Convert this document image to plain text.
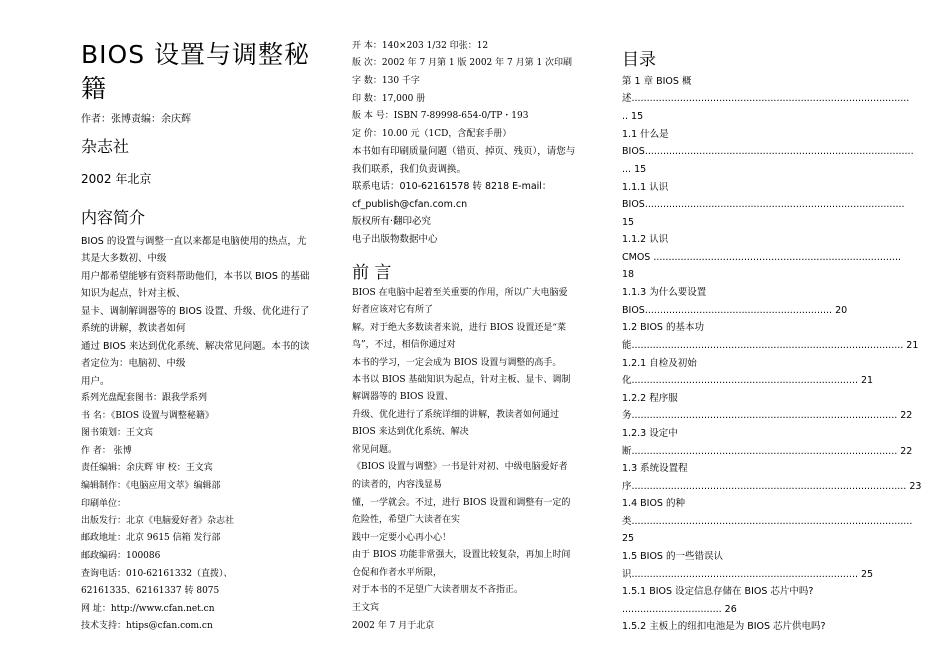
BIOS 设置与调整秘籍
作者：张博责编：余庆辉
杂志社
2002 年北京
内容简介
BIOS 的设置与调整一直以来都是电脑使用的热点，尤
其是大多数初、中级
用户都希望能够有资料帮助他们，本书以 BIOS 的基础
知识为起点，针对主板、
显卡、调制解调器等的 BIOS 设置、升级、优化进行了
系统的讲解，教读者如何
通过 BIOS 来达到优化系统、解决常见问题。本书的读
者定位为：电脑初、中级
用户。
系列光盘配套图书：跟我学系列
书 名：《BIOS 设置与调整秘籍》
图书策划：王文宾
作 者： 张博
责任编辑：余庆辉 审 校：王文宾
编辑制作：《电脑应用文萃》编辑部
印刷单位：
出版发行：北京《电脑爱好者》杂志社
邮政地址：北京 9615 信箱 发行部
邮政编码：100086
查询电话：010-62161332（直拨）、
62161335、62161337 转 8075
网 址：http://www.cfan.net.cn
技术支持：htips@cfan.com.cn
开 本：140×203 1/32 印张：12
版 次：2002 年 7 月第 1 版 2002 年 7 月第 1 次印刷
字 数：130 千字
印 数：17,000 册
版 本 号：ISBN 7-89998-654-0/TP・193
定 价：10.00 元（1CD，含配套手册）
本书如有印刷质量问题（错页、掉页、残页），请您与
我们联系，我们负责调换。
联系电话：010-62161578 转 8218 E-mail：
cf_publish@cfan.com.cn
版权所有·翻印必究
电子出版物数据中心
前 言
BIOS 在电脑中起着至关重要的作用，所以广大电脑爱
好者应该对它有所了
解。对于绝大多数读者来说，进行 BIOS 设置还是“菜
鸟”，不过，相信你通过对
本书的学习，一定会成为 BIOS 设置与调整的高手。
本书以 BIOS 基础知识为起点，针对主板、显卡、调制
解调器等的 BIOS 设置、
升级、优化进行了系统详细的讲解，教读者如何通过
BIOS 来达到优化系统、解决
常见问题。
《BIOS 设置与调整》一书是针对初、中级电脑爱好者
的读者的，内容浅显易
懂，一学就会。不过，进行 BIOS 设置和调整有一定的
危险性，希望广大读者在实
践中一定要小心再小心！
由于 BIOS 功能非常强大，设置比较复杂，再加上时间
仓促和作者水平所限，
对于本书的不足望广大读者朋友不吝指正。
王文宾
2002 年 7 月于北京
目录
第 1 章 BIOS 概
述............................................................................................
.. 15
1.1 什么是
BIOS.........................................................................................
... 15
1.1.1 认识
BIOS......................................................................................
15
1.1.2 认识
CMOS ..................................................................................
18
1.1.3 为什么要设置
BIOS.............................................................. 20
1.2 BIOS 的基本功
能.......................................................................................... 21
1.2.1 自检及初始
化........................................................................... 21
1.2.2 程序服
务........................................................................................ 22
1.2.3 设定中
断........................................................................................ 22
1.3 系统设置程
序........................................................................................... 23
1.4 BIOS 的种
类.............................................................................................
25
1.5 BIOS 的一些错误认
识........................................................................... 25
1.5.1 BIOS 设定信息存储在 BIOS 芯片中吗?
................................. 26
1.5.2 主板上的纽扣电池是为 BIOS 芯片供电吗?
